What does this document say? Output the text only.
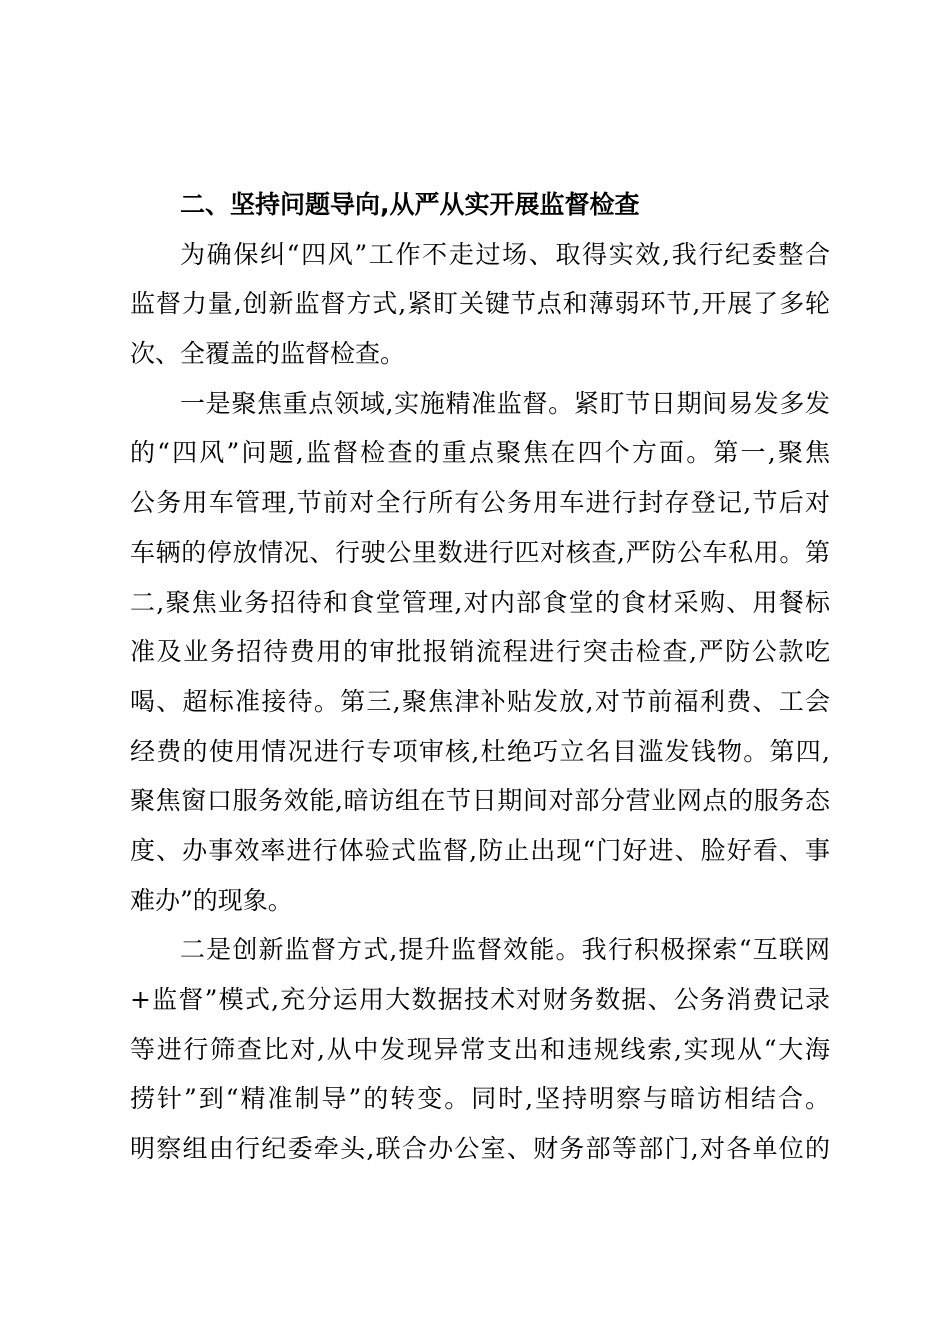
二、坚持问题导向,从严从实开展监督检查
为确保纠“四风”工作不走过场、取得实效,我行纪委整合
监督力量,创新监督方式,紧盯关键节点和薄弱环节,开展了多轮
次、全覆盖的监督检查。
一是聚焦重点领域,实施精准监督。紧盯节日期间易发多发
的“四风”问题,监督检查的重点聚焦在四个方面。第一,聚焦
公务用车管理,节前对全行所有公务用车进行封存登记,节后对
车辆的停放情况、行驶公里数进行匹对核查,严防公车私用。第
二,聚焦业务招待和食堂管理,对内部食堂的食材采购、用餐标
准及业务招待费用的审批报销流程进行突击检查,严防公款吃
喝、超标准接待。第三,聚焦津补贴发放,对节前福利费、工会
经费的使用情况进行专项审核,杜绝巧立名目滥发钱物。第四,
聚焦窗口服务效能,暗访组在节日期间对部分营业网点的服务态
度、办事效率进行体验式监督,防止出现“门好进、脸好看、事
难办”的现象。
二是创新监督方式,提升监督效能。我行积极探索“互联网
+监督”模式,充分运用大数据技术对财务数据、公务消费记录
等进行筛查比对,从中发现异常支出和违规线索,实现从“大海
捞针”到“精准制导”的转变。同时,坚持明察与暗访相结合。
明察组由行纪委牵头,联合办公室、财务部等部门,对各单位的
